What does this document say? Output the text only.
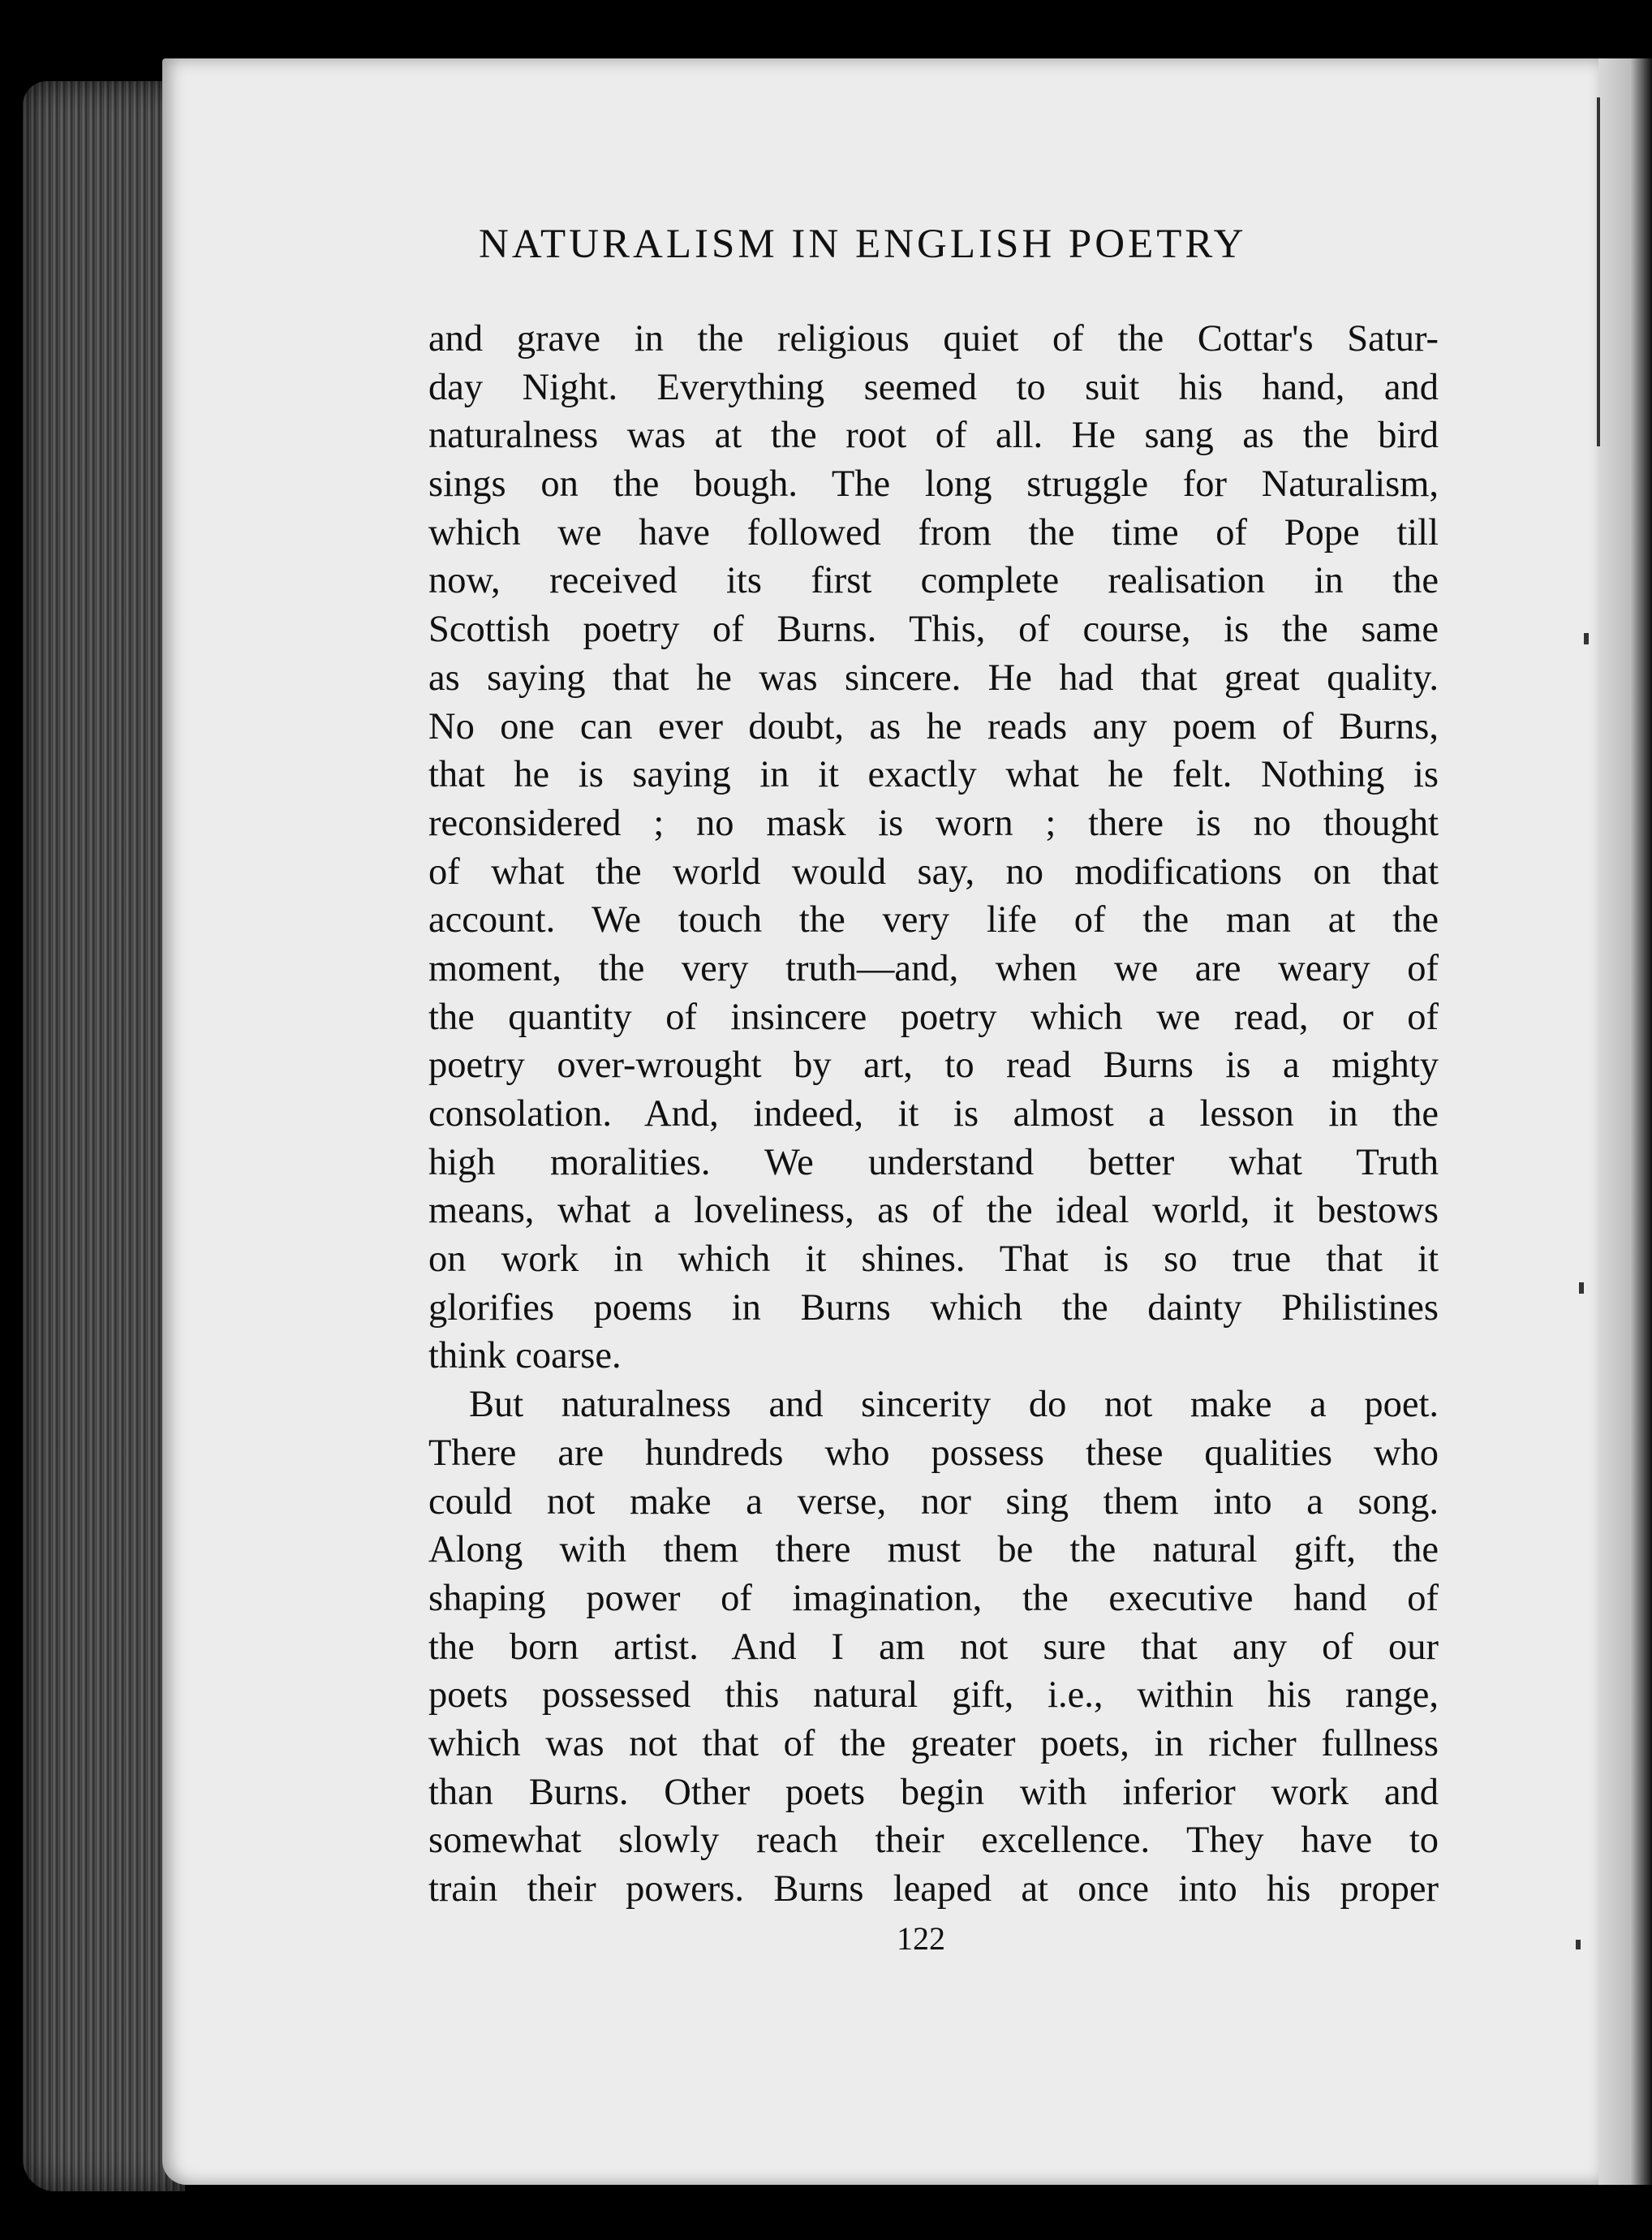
NATURALISM IN ENGLISH POETRY
and grave in the religious quiet of the Cottar's Satur-
day Night. Everything seemed to suit his hand, and
naturalness was at the root of all. He sang as the bird
sings on the bough. The long struggle for Naturalism,
which we have followed from the time of Pope till
now, received its first complete realisation in the
Scottish poetry of Burns. This, of course, is the same
as saying that he was sincere. He had that great quality.
No one can ever doubt, as he reads any poem of Burns,
that he is saying in it exactly what he felt. Nothing is
reconsidered ; no mask is worn ; there is no thought
of what the world would say, no modifications on that
account. We touch the very life of the man at the
moment, the very truth—and, when we are weary of
the quantity of insincere poetry which we read, or of
poetry over-wrought by art, to read Burns is a mighty
consolation. And, indeed, it is almost a lesson in the
high moralities. We understand better what Truth
means, what a loveliness, as of the ideal world, it bestows
on work in which it shines. That is so true that it
glorifies poems in Burns which the dainty Philistines
think coarse.
But naturalness and sincerity do not make a poet.
There are hundreds who possess these qualities who
could not make a verse, nor sing them into a song.
Along with them there must be the natural gift, the
shaping power of imagination, the executive hand of
the born artist. And I am not sure that any of our
poets possessed this natural gift, i.e., within his range,
which was not that of the greater poets, in richer fullness
than Burns. Other poets begin with inferior work and
somewhat slowly reach their excellence. They have to
train their powers. Burns leaped at once into his proper
122
